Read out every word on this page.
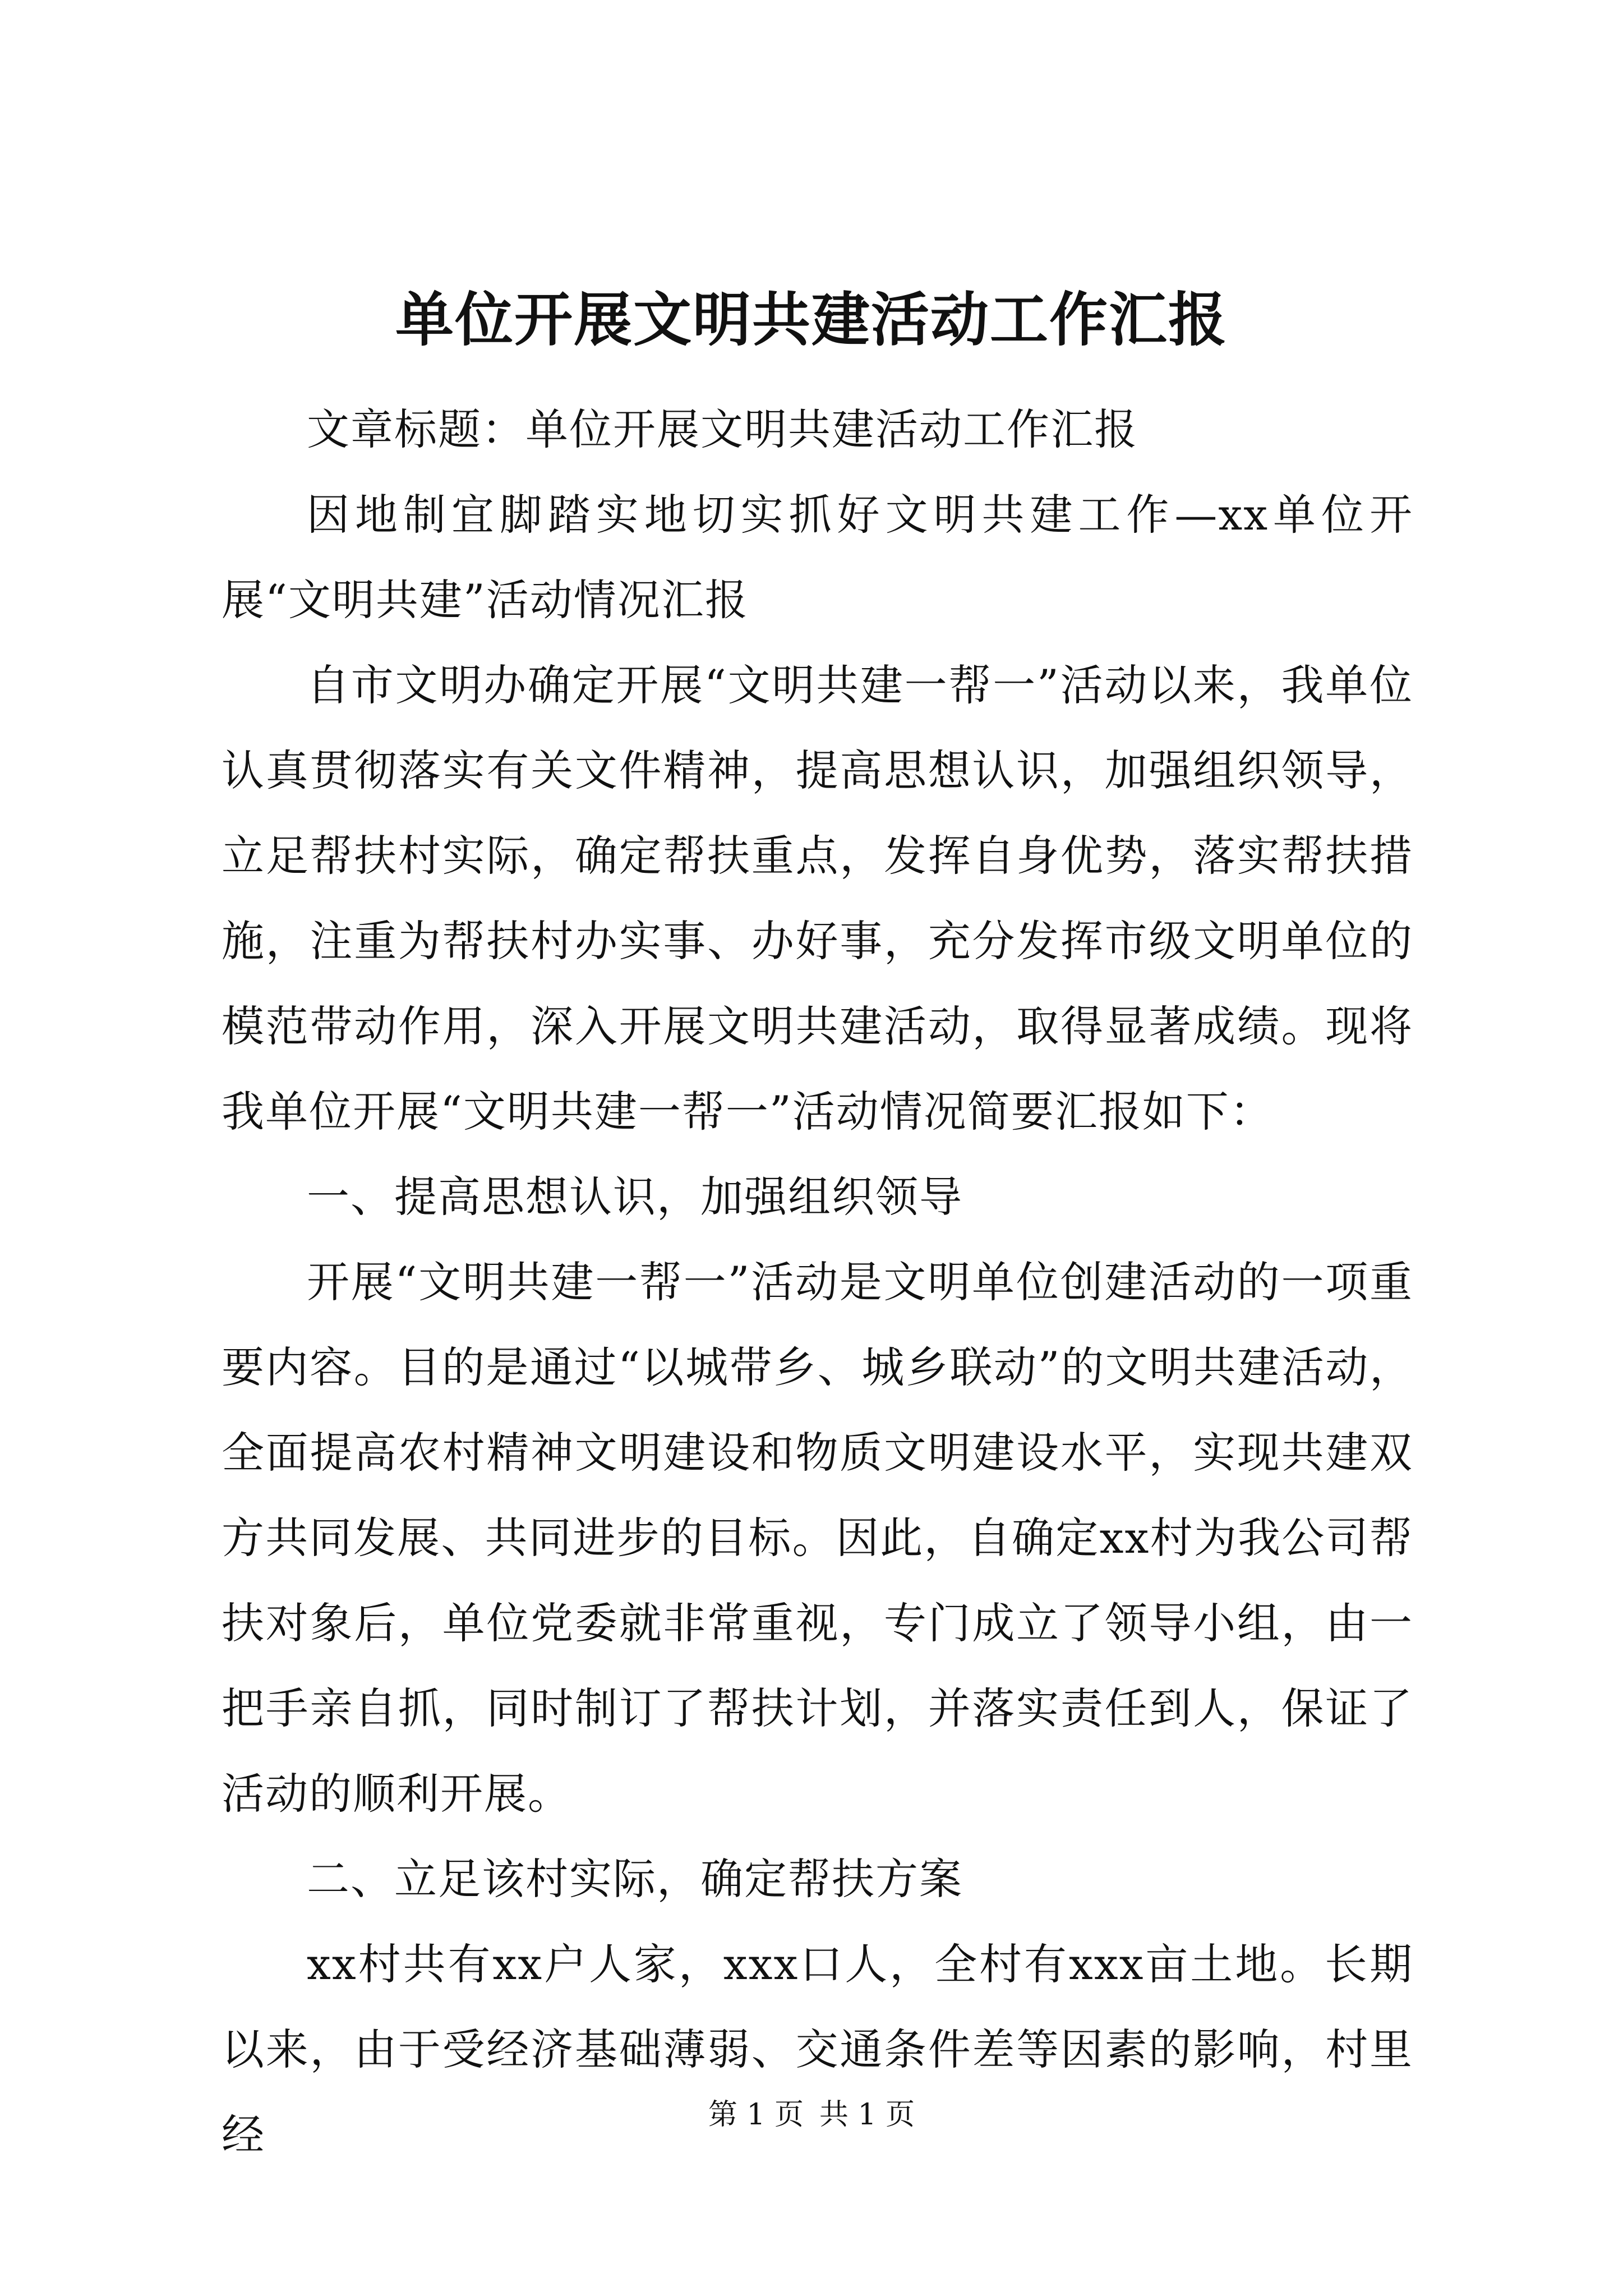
单位开展文明共建活动工作汇报

文章标题：单位开展文明共建活动工作汇报

因地制宜脚踏实地切实抓好文明共建工作—xx单位开展“文明共建”活动情况汇报

自市文明办确定开展“文明共建一帮一”活动以来，我单位认真贯彻落实有关文件精神，提高思想认识，加强组织领导，立足帮扶村实际，确定帮扶重点，发挥自身优势，落实帮扶措施，注重为帮扶村办实事、办好事，充分发挥市级文明单位的模范带动作用，深入开展文明共建活动，取得显著成绩。现将我单位开展“文明共建一帮一”活动情况简要汇报如下：

一、提高思想认识，加强组织领导

开展“文明共建一帮一”活动是文明单位创建活动的一项重要内容。目的是通过“以城带乡、城乡联动”的文明共建活动，全面提高农村精神文明建设和物质文明建设水平，实现共建双方共同发展、共同进步的目标。因此，自确定xx村为我公司帮扶对象后，单位党委就非常重视，专门成立了领导小组，由一把手亲自抓，同时制订了帮扶计划，并落实责任到人，保证了活动的顺利开展。

二、立足该村实际，确定帮扶方案

xx村共有xx户人家，xxx口人，全村有xxx亩土地。长期以来，由于受经济基础薄弱、交通条件差等因素的影响，村里经	第 1 页 共 1 页
